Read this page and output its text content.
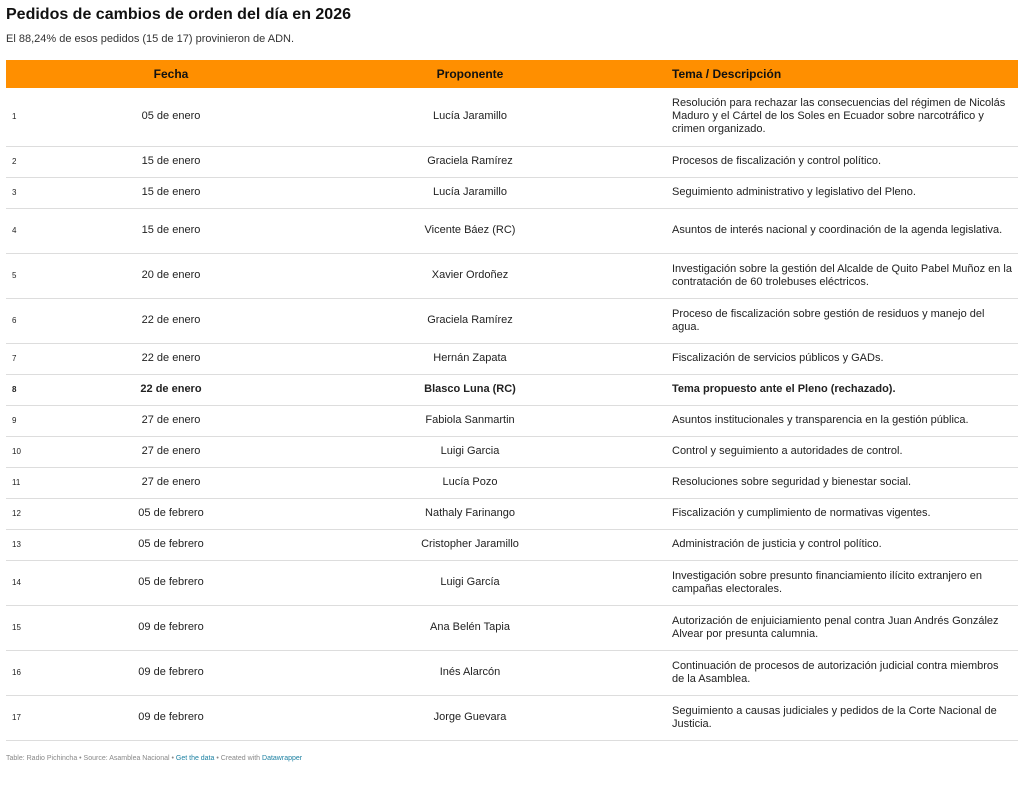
Pedidos de cambios de orden del día en 2026
El 88,24% de esos pedidos (15 de 17) provinieron de ADN.
	Fecha	Proponente	Tema / Descripción
1	05 de enero	Lucía Jaramillo	Resolución para rechazar las consecuencias del régimen de Nicolás Maduro y el Cártel de los Soles en Ecuador sobre narcotráfico y crimen organizado.
2	15 de enero	Graciela Ramírez	Procesos de fiscalización y control político.
3	15 de enero	Lucía Jaramillo	Seguimiento administrativo y legislativo del Pleno.
4	15 de enero	Vicente Báez (RC)	Asuntos de interés nacional y coordinación de la agenda legislativa.
5	20 de enero	Xavier Ordoñez	Investigación sobre la gestión del Alcalde de Quito Pabel Muñoz en la contratación de 60 trolebuses eléctricos.
6	22 de enero	Graciela Ramírez	Proceso de fiscalización sobre gestión de residuos y manejo del agua.
7	22 de enero	Hernán Zapata	Fiscalización de servicios públicos y GADs.
8	22 de enero	Blasco Luna (RC)	Tema propuesto ante el Pleno (rechazado).
9	27 de enero	Fabiola Sanmartin	Asuntos institucionales y transparencia en la gestión pública.
10	27 de enero	Luigi Garcia	Control y seguimiento a autoridades de control.
11	27 de enero	Lucía Pozo	Resoluciones sobre seguridad y bienestar social.
12	05 de febrero	Nathaly Farinango	Fiscalización y cumplimiento de normativas vigentes.
13	05 de febrero	Cristopher Jaramillo	Administración de justicia y control político.
14	05 de febrero	Luigi García	Investigación sobre presunto financiamiento ilícito extranjero en campañas electorales.
15	09 de febrero	Ana Belén Tapia	Autorización de enjuiciamiento penal contra Juan Andrés González Alvear por presunta calumnia.
16	09 de febrero	Inés Alarcón	Continuación de procesos de autorización judicial contra miembros de la Asamblea.
17	09 de febrero	Jorge Guevara	Seguimiento a causas judiciales y pedidos de la Corte Nacional de Justicia.
Table: Radio Pichincha • Source: Asamblea Nacional • Get the data • Created with Datawrapper
